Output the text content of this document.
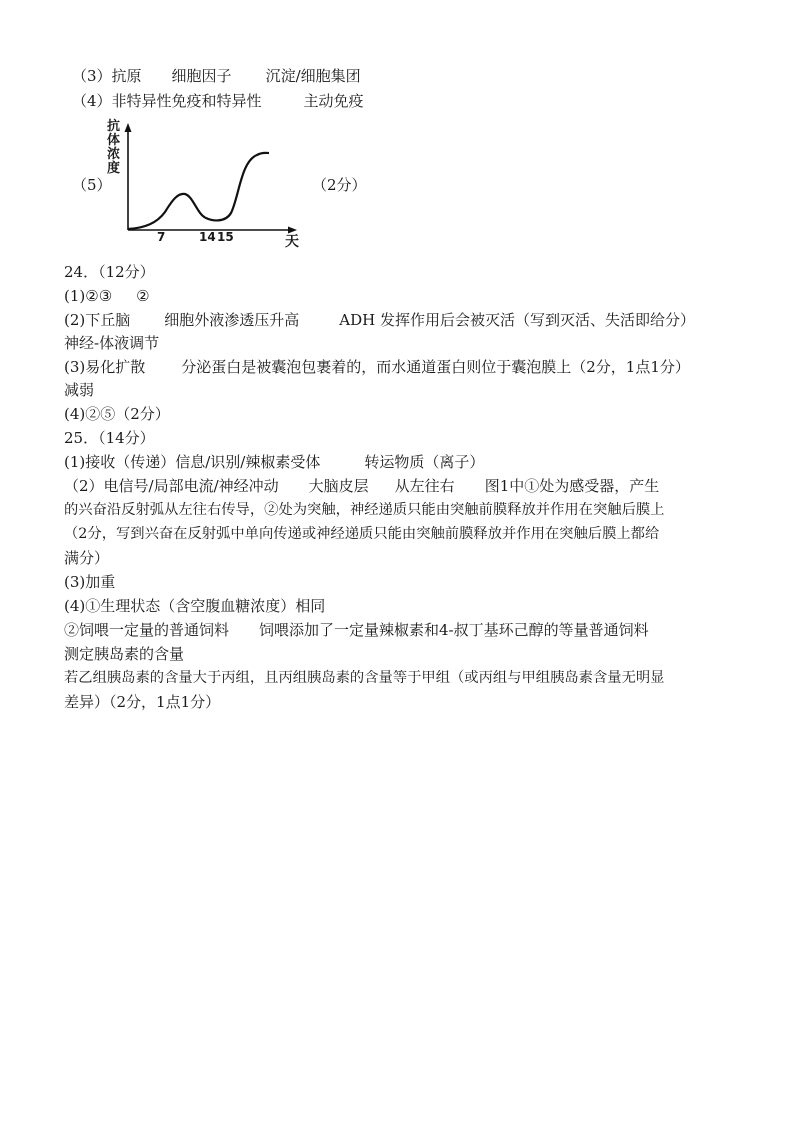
（3）抗原 细胞因子 沉淀/细胞集团
（4）非特异性免疫和特异性	主动免疫
（5）	（2分）
抗
体
浓
度
7	14 15	天
24．（12分）
(1)②③ ②
(2)下丘脑 细胞外液渗透压升高	ADH 发挥作用后会被灭活（写到灭活、失活即给分）
神经-体液调节
(3)易化扩散 分泌蛋白是被囊泡包裹着的，而水通道蛋白则位于囊泡膜上（2分，1点1分）
减弱
(4)②⑤（2分）
25．（14分）
(1)接收（传递）信息/识别/辣椒素受体	转运物质（离子）
（2）电信号/局部电流/神经冲动 大脑皮层 从左往右 图1中①处为感受器，产生
的兴奋沿反射弧从左往右传导，②处为突触，神经递质只能由突触前膜释放并作用在突触后膜上
（2分，写到兴奋在反射弧中单向传递或神经递质只能由突触前膜释放并作用在突触后膜上都给
满分）
(3)加重
(4)①生理状态（含空腹血糖浓度）相同
②饲喂一定量的普通饲料 饲喂添加了一定量辣椒素和4-叔丁基环己醇的等量普通饲料
测定胰岛素的含量
若乙组胰岛素的含量大于丙组，且丙组胰岛素的含量等于甲组（或丙组与甲组胰岛素含量无明显
差异）（2分，1点1分）
